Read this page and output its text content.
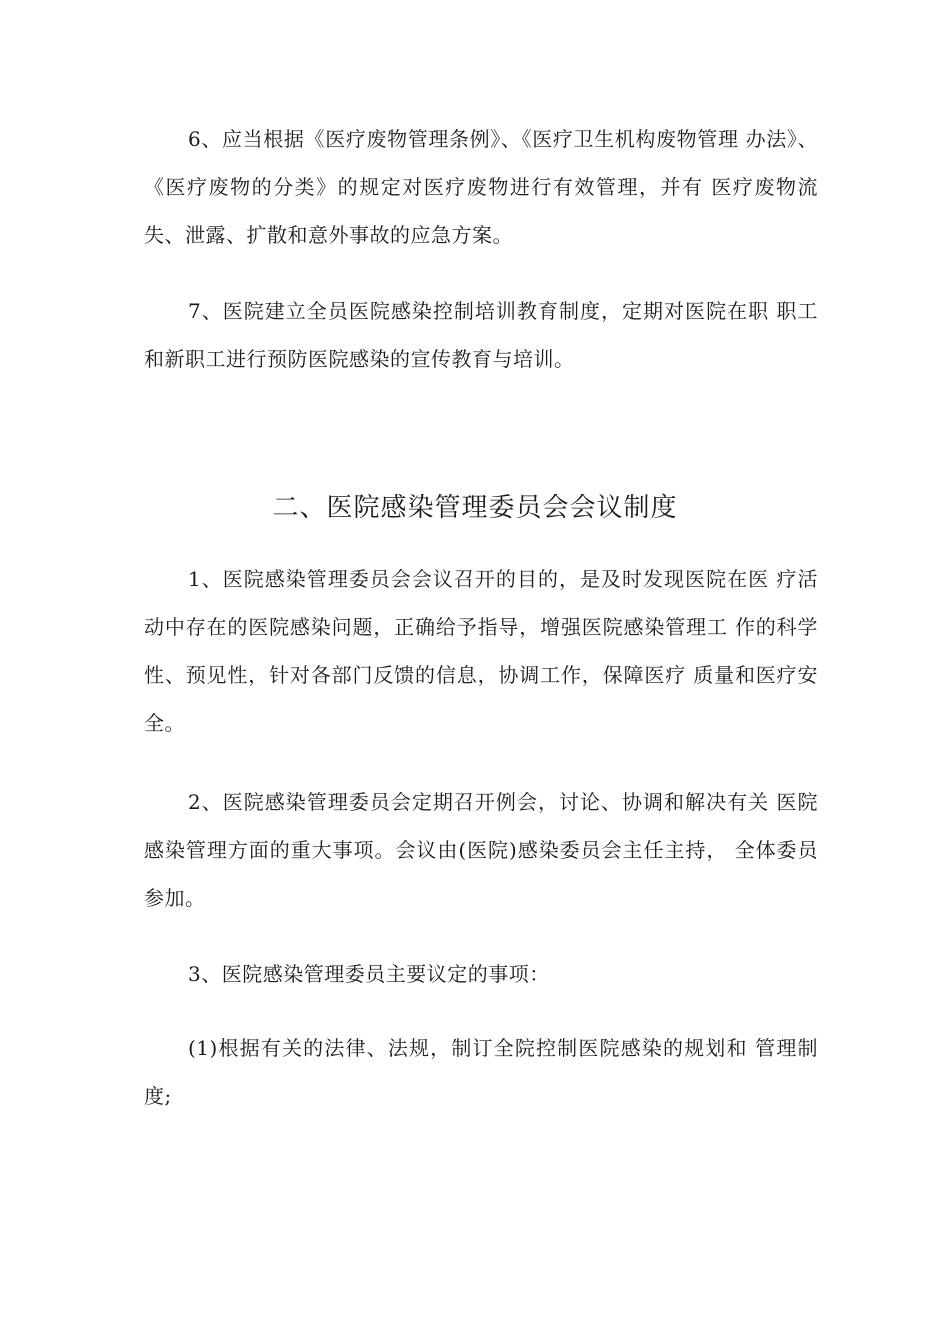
6、应当根据《医疗废物管理条例》、《医疗卫生机构废物管理 办法》、《医疗废物的分类》的规定对医疗废物进行有效管理，并有 医疗废物流失、泄露、扩散和意外事故的应急方案。

7、医院建立全员医院感染控制培训教育制度，定期对医院在职 职工和新职工进行预防医院感染的宣传教育与培训。

二、医院感染管理委员会会议制度

1、医院感染管理委员会会议召开的目的，是及时发现医院在医 疗活动中存在的医院感染问题，正确给予指导，增强医院感染管理工 作的科学性、预见性，针对各部门反馈的信息，协调工作，保障医疗 质量和医疗安全。

2、医院感染管理委员会定期召开例会，讨论、协调和解决有关 医院感染管理方面的重大事项。会议由(医院)感染委员会主任主持， 全体委员参加。

3、医院感染管理委员主要议定的事项：

(1)根据有关的法律、法规，制订全院控制医院感染的规划和 管理制度;
